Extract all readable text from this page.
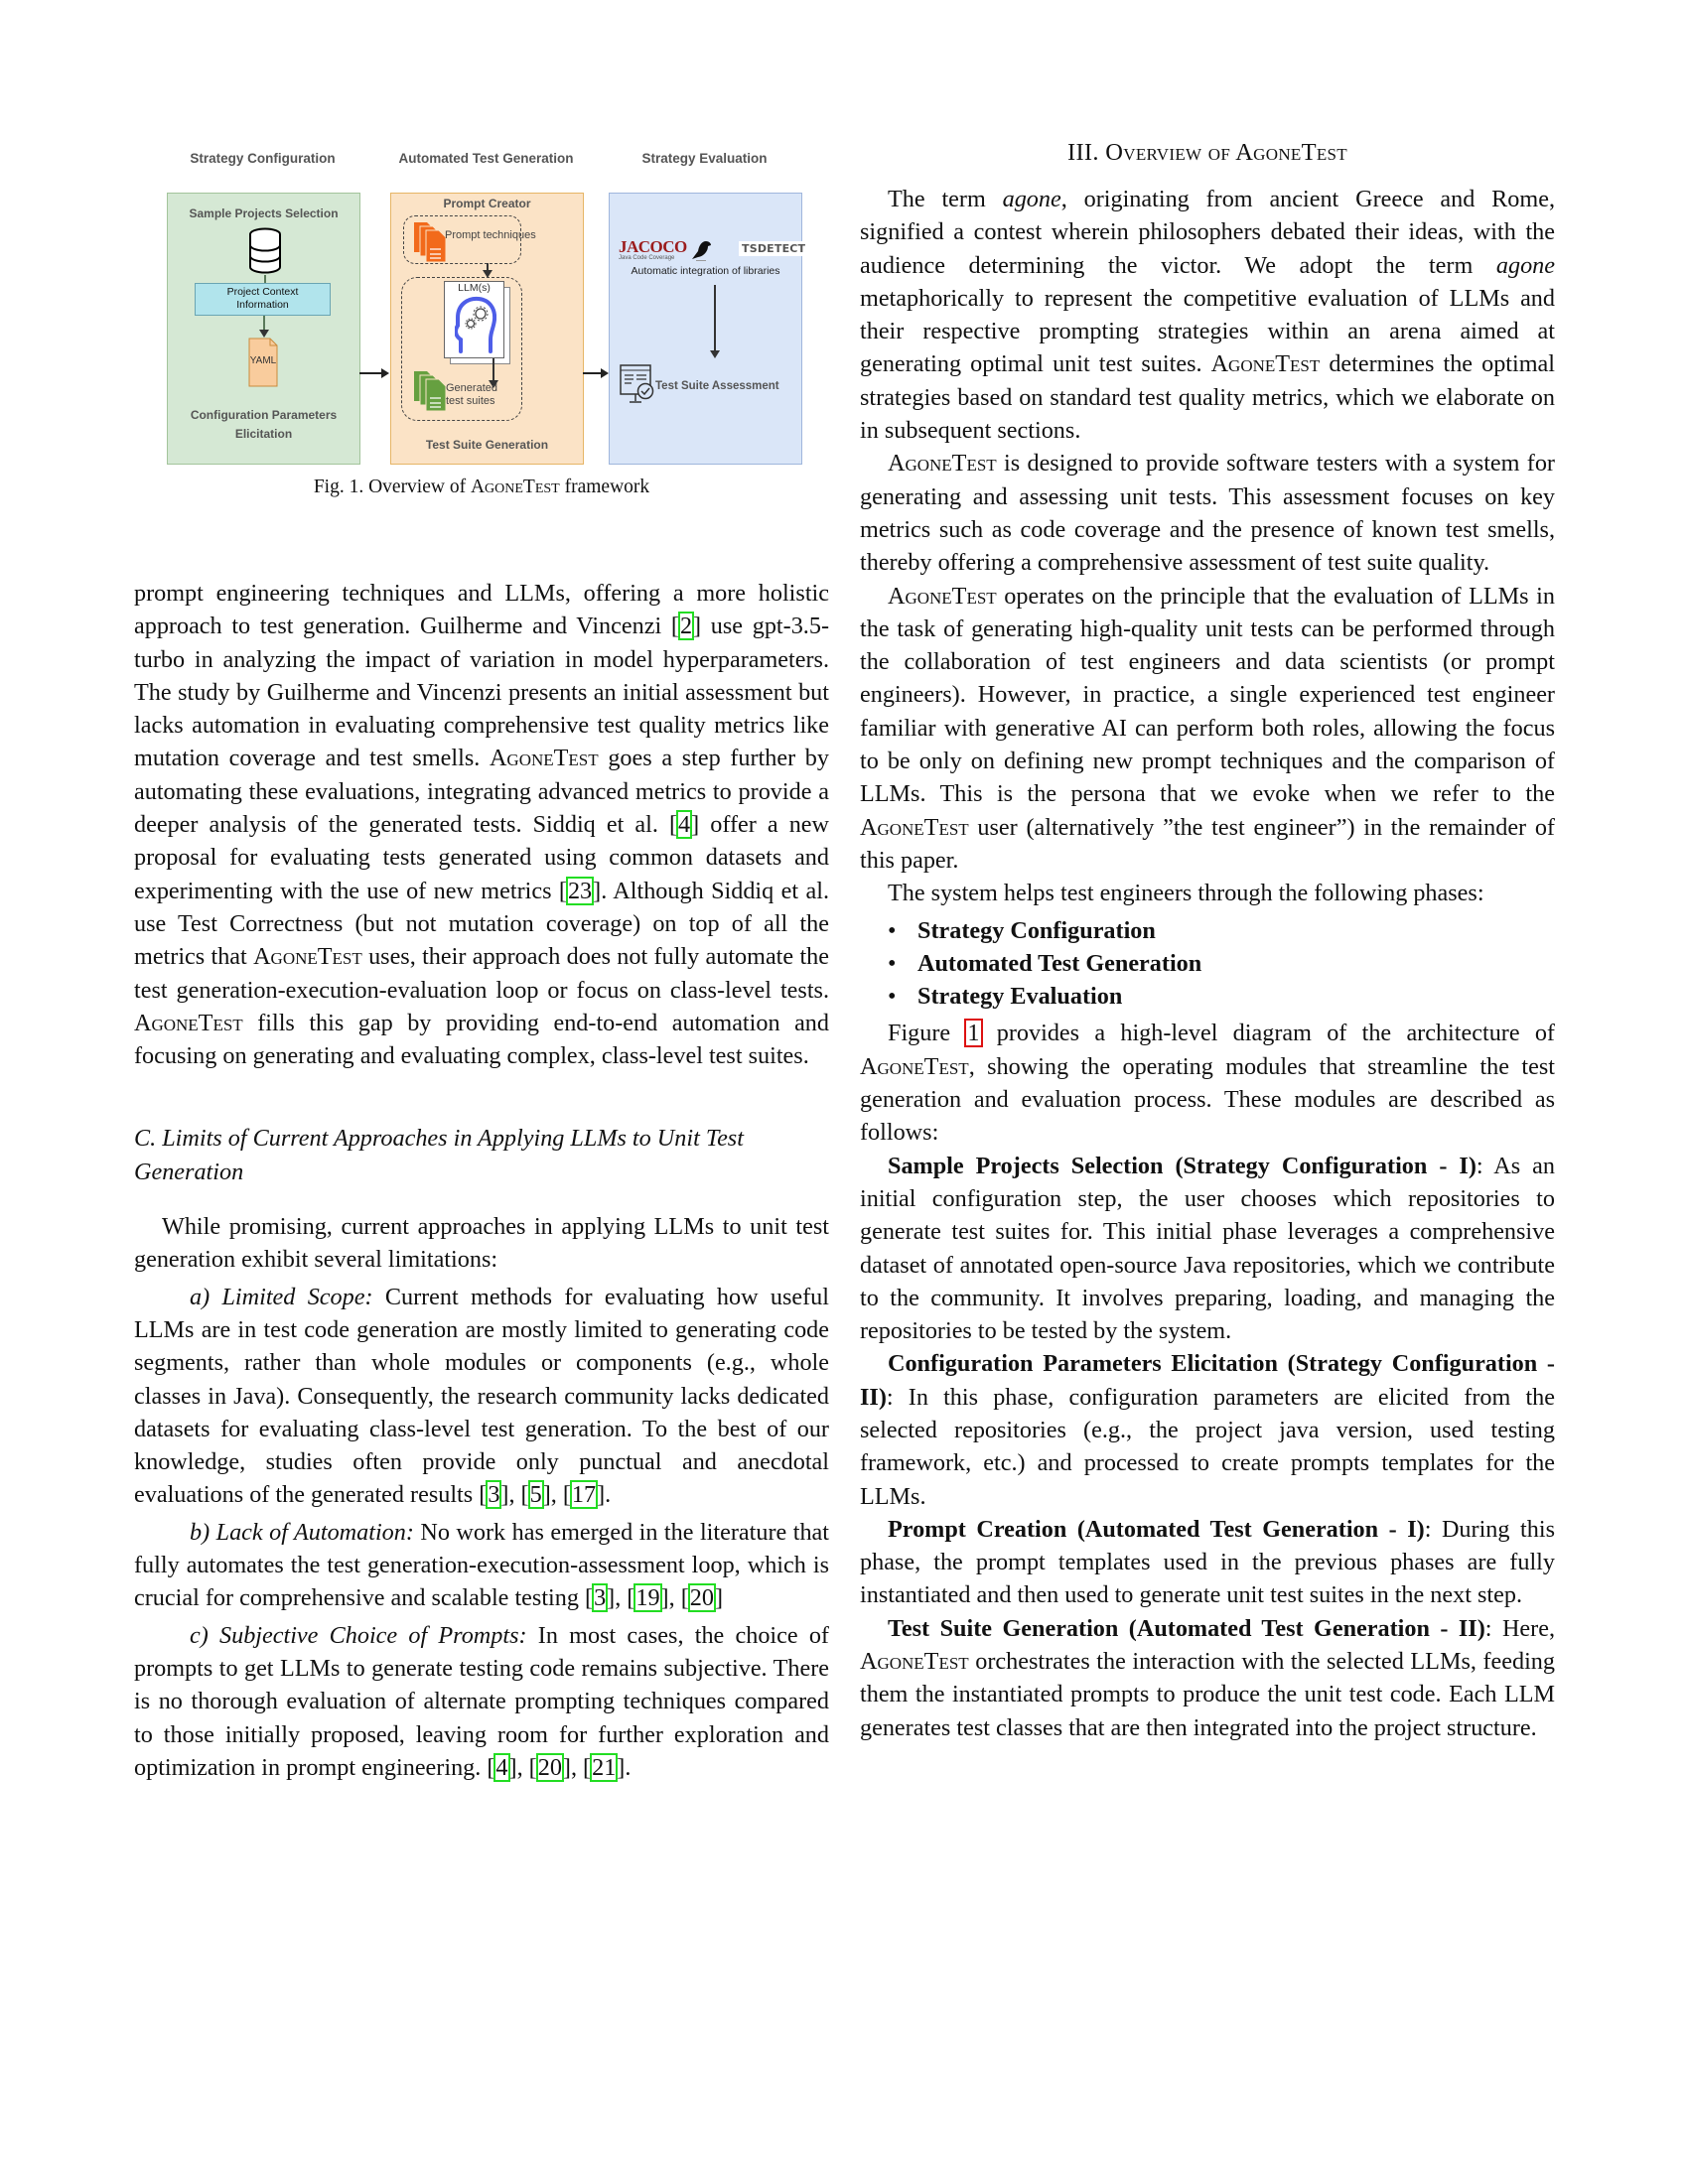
Strategy Configuration	Automated Test Generation	Strategy Evaluation
Sample Projects Selection
Project Context
Information
YAML
Configuration Parameters
Elicitation
Prompt Creator
Prompt techniques
LLM(s)
Generated
test suites
Test Suite Generation
JACOCO
Java Code Coverage
TSDETECT
Automatic integration of libraries
Test Suite Assessment
Fig. 1. Overview of AgoneTest framework

prompt engineering techniques and LLMs, offering a more holistic approach to test generation. Guilherme and Vincenzi [2] use gpt-3.5-turbo in analyzing the impact of variation in model hyperparameters. The study by Guilherme and Vincenzi presents an initial assessment but lacks automation in evaluating comprehensive test quality metrics like mutation coverage and test smells. AgoneTest goes a step further by automating these evaluations, integrating advanced metrics to provide a deeper analysis of the generated tests. Siddiq et al. [4] offer a new proposal for evaluating tests generated using common datasets and experimenting with the use of new metrics [23]. Although Siddiq et al. use Test Correctness (but not mutation coverage) on top of all the metrics that AgoneTest uses, their approach does not fully automate the test generation-execution-evaluation loop or focus on class-level tests. AgoneTest fills this gap by providing end-to-end automation and focusing on generating and evaluating complex, class-level test suites.

C. Limits of Current Approaches in Applying LLMs to Unit Test Generation

While promising, current approaches in applying LLMs to unit test generation exhibit several limitations:

a) Limited Scope: Current methods for evaluating how useful LLMs are in test code generation are mostly limited to generating code segments, rather than whole modules or components (e.g., whole classes in Java). Consequently, the research community lacks dedicated datasets for evaluating class-level test generation. To the best of our knowledge, studies often provide only punctual and anecdotal evaluations of the generated results [3], [5], [17].

b) Lack of Automation: No work has emerged in the literature that fully automates the test generation-execution-assessment loop, which is crucial for comprehensive and scalable testing [3], [19], [20]

c) Subjective Choice of Prompts: In most cases, the choice of prompts to get LLMs to generate testing code remains subjective. There is no thorough evaluation of alternate prompting techniques compared to those initially proposed, leaving room for further exploration and optimization in prompt engineering. [4], [20], [21].

III. Overview of AgoneTest

The term agone, originating from ancient Greece and Rome, signified a contest wherein philosophers debated their ideas, with the audience determining the victor. We adopt the term agone metaphorically to represent the competitive evaluation of LLMs and their respective prompting strategies within an arena aimed at generating optimal unit test suites. AgoneTest determines the optimal strategies based on standard test quality metrics, which we elaborate on in subsequent sections.

AgoneTest is designed to provide software testers with a system for generating and assessing unit tests. This assessment focuses on key metrics such as code coverage and the presence of known test smells, thereby offering a comprehensive assessment of test suite quality.

AgoneTest operates on the principle that the evaluation of LLMs in the task of generating high-quality unit tests can be performed through the collaboration of test engineers and data scientists (or prompt engineers). However, in practice, a single experienced test engineer familiar with generative AI can perform both roles, allowing the focus to be only on defining new prompt techniques and the comparison of LLMs. This is the persona that we evoke when we refer to the AgoneTest user (alternatively ”the test engineer”) in the remainder of this paper.

The system helps test engineers through the following phases:

• Strategy Configuration
• Automated Test Generation
• Strategy Evaluation

Figure 1 provides a high-level diagram of the architecture of AgoneTest, showing the operating modules that streamline the test generation and evaluation process. These modules are described as follows:

Sample Projects Selection (Strategy Configuration - I): As an initial configuration step, the user chooses which repositories to generate test suites for. This initial phase leverages a comprehensive dataset of annotated open-source Java repositories, which we contribute to the community. It involves preparing, loading, and managing the repositories to be tested by the system.

Configuration Parameters Elicitation (Strategy Configuration - II): In this phase, configuration parameters are elicited from the selected repositories (e.g., the project java version, used testing framework, etc.) and processed to create prompts templates for the LLMs.

Prompt Creation (Automated Test Generation - I): During this phase, the prompt templates used in the previous phases are fully instantiated and then used to generate unit test suites in the next step.

Test Suite Generation (Automated Test Generation - II): Here, AgoneTest orchestrates the interaction with the selected LLMs, feeding them the instantiated prompts to produce the unit test code. Each LLM generates test classes that are then integrated into the project structure.
